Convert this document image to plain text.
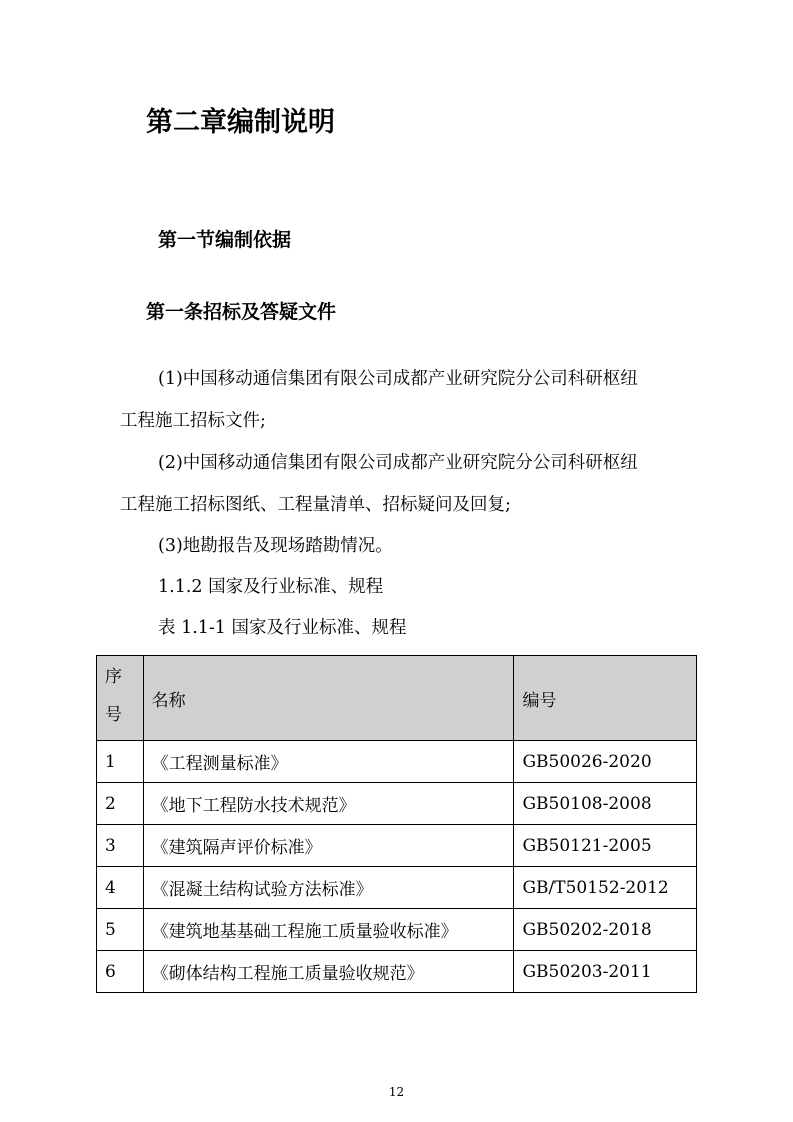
第二章编制说明
第一节编制依据
第一条招标及答疑文件
(1)中国移动通信集团有限公司成都产业研究院分公司科研枢纽
工程施工招标文件;
(2)中国移动通信集团有限公司成都产业研究院分公司科研枢纽
工程施工招标图纸、工程量清单、招标疑问及回复;
(3)地勘报告及现场踏勘情况。
1.1.2 国家及行业标准、规程
表 1.1-1 国家及行业标准、规程
序
号	名称	编号
1	《工程测量标准》	GB50026-2020
2	《地下工程防水技术规范》	GB50108-2008
3	《建筑隔声评价标准》	GB50121-2005
4	《混凝土结构试验方法标准》	GB/T50152-2012
5	《建筑地基基础工程施工质量验收标准》	GB50202-2018
6	《砌体结构工程施工质量验收规范》	GB50203-2011
12
